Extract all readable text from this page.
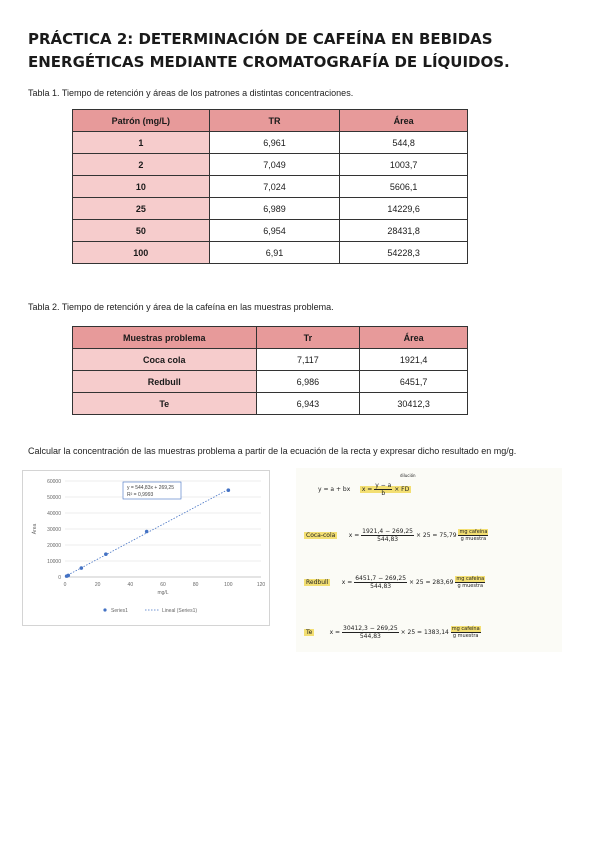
PRÁCTICA 2: DETERMINACIÓN DE CAFEÍNA EN BEBIDAS ENERGÉTICAS MEDIANTE CROMATOGRAFÍA DE LÍQUIDOS.
Tabla 1. Tiempo de retención y áreas de los patrones a distintas concentraciones.
Patrón (mg/L)	TR	Área
1	6,961	544,8
2	7,049	1003,7
10	7,024	5606,1
25	6,989	14229,6
50	6,954	28431,8
100	6,91	54228,3
Tabla 2. Tiempo de retención y área de la cafeína en las muestras problema.
Muestras problema	Tr	Área
Coca cola	7,117	1921,4
Redbull	6,986	6451,7
Te	6,943	30412,3
Calcular la concentración de las muestras problema a partir de la ecuación de la recta y expresar dicho resultado en mg/g.
0
10000
20000
30000
40000
50000
60000
0	20	40	60	80	100	120
y = 544,83x + 269,25
R² = 0,9993
mg/L
Área
Series1	Lineal (Series1)
y = a + bx $x = \frac{y - a}{b}$ × FD
dilución
Coca-cola      $x = \frac{1921,4 - 269,25}{544,83} \times 25 = 75,79$ mg cafeína
g muestra
Redbull      $x = \frac{6451,7 - 269,25}{544,83} \times 25 = 283,69$ mg cafeína
g muestra
Te        $x = \frac{30412,3 - 269,25}{544,83} \times 25 = 1383,14$ mg cafeína
g muestra
